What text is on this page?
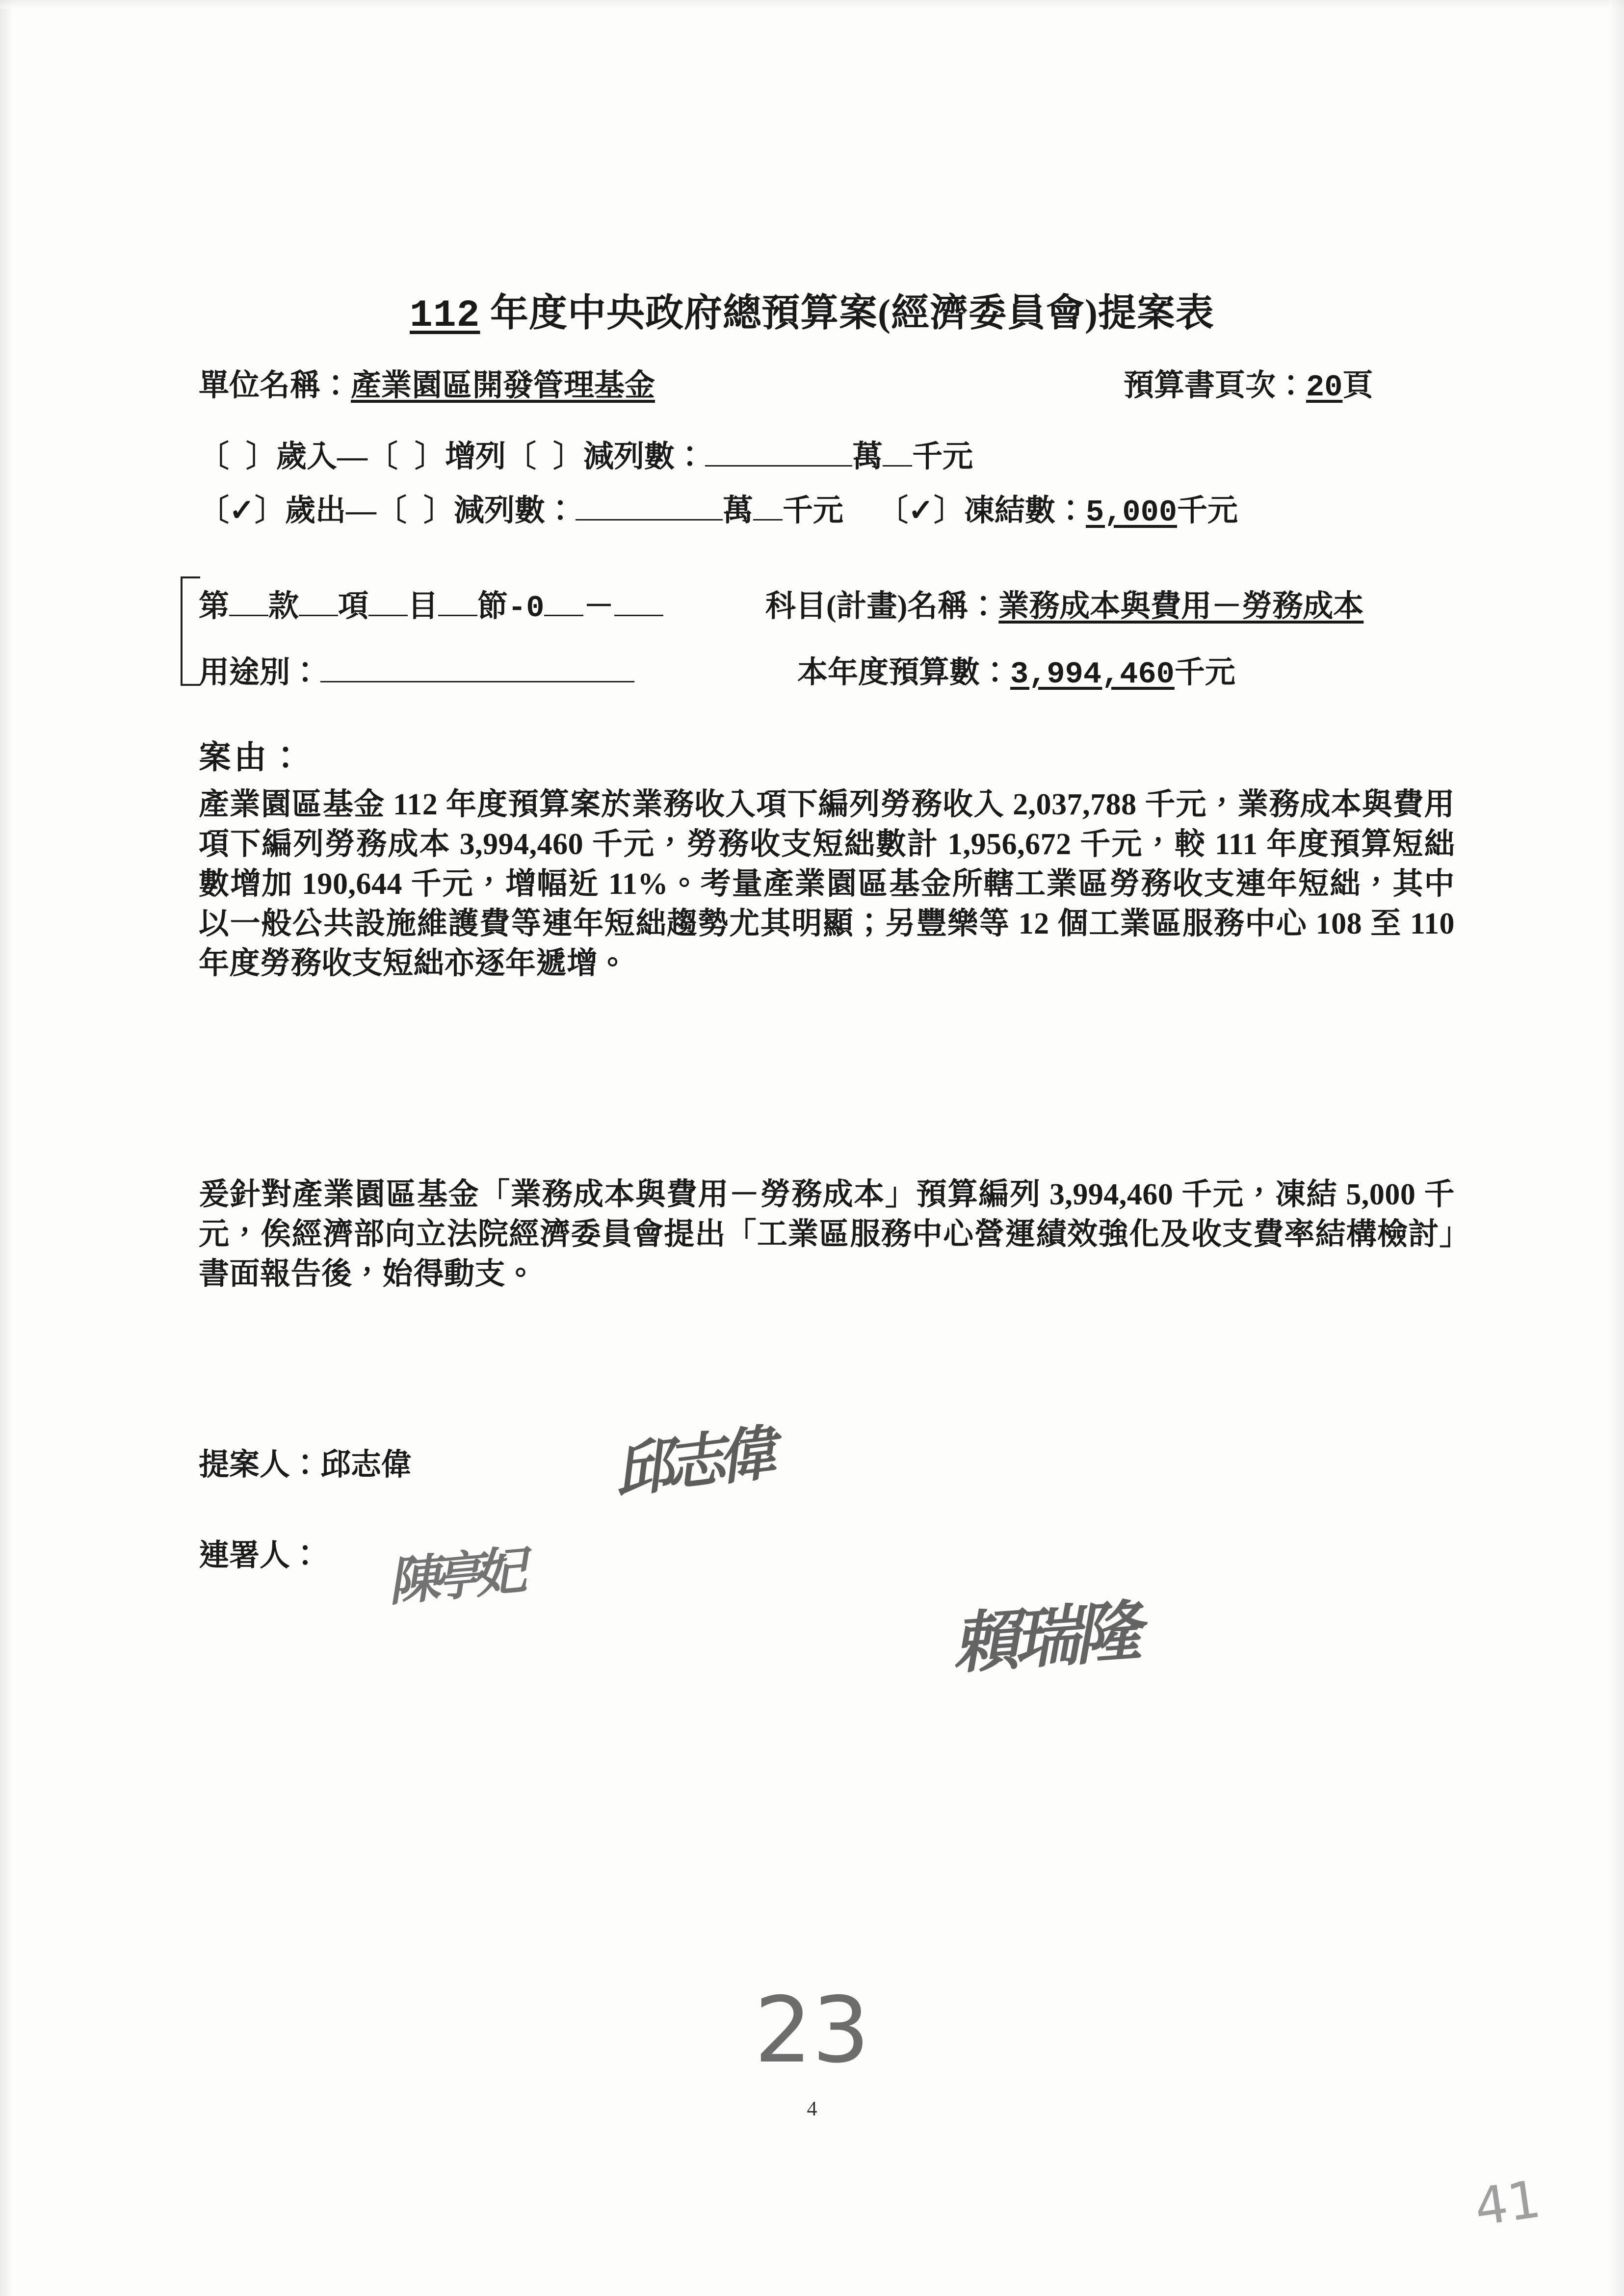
112 年度中央政府總預算案(經濟委員會)提案表
單位名稱： 產業園區開發管理基金	預算書頁次： 20 頁
〔 〕歲入—〔 〕增列〔 〕減列數：	萬 千元
〔 ✓ 〕歲出—〔 〕減列數：	萬 千元 〔 ✓ 〕凍結數： 5,000 千元
第 款 項 目 節-0 －	科目(計畫)名稱： 業務成本與費用－勞務成本
用途別：	本年度預算數： 3,994,460 千元
案由：

產業園區基金 112 年度預算案於業務收入項下編列勞務收入 2,037,788 千元，業務成本與費用項下編列勞務成本 3,994,460 千元，勞務收支短絀數計 1,956,672 千元，較 111 年度預算短絀數增加 190,644 千元，增幅近 11%。考量產業園區基金所轄工業區勞務收支連年短絀，其中以一般公共設施維護費等連年短絀趨勢尤其明顯；另豐樂等 12 個工業區服務中心 108 至 110 年度勞務收支短絀亦逐年遞增。

爰針對產業園區基金「業務成本與費用－勞務成本」預算編列 3,994,460 千元，凍結 5,000 千元，俟經濟部向立法院經濟委員會提出「工業區服務中心營運績效強化及收支費率結構檢討」書面報告後，始得動支。

提案人： 邱志偉
連署人：
邱志偉
陳亭妃
賴瑞隆
23
4
41
